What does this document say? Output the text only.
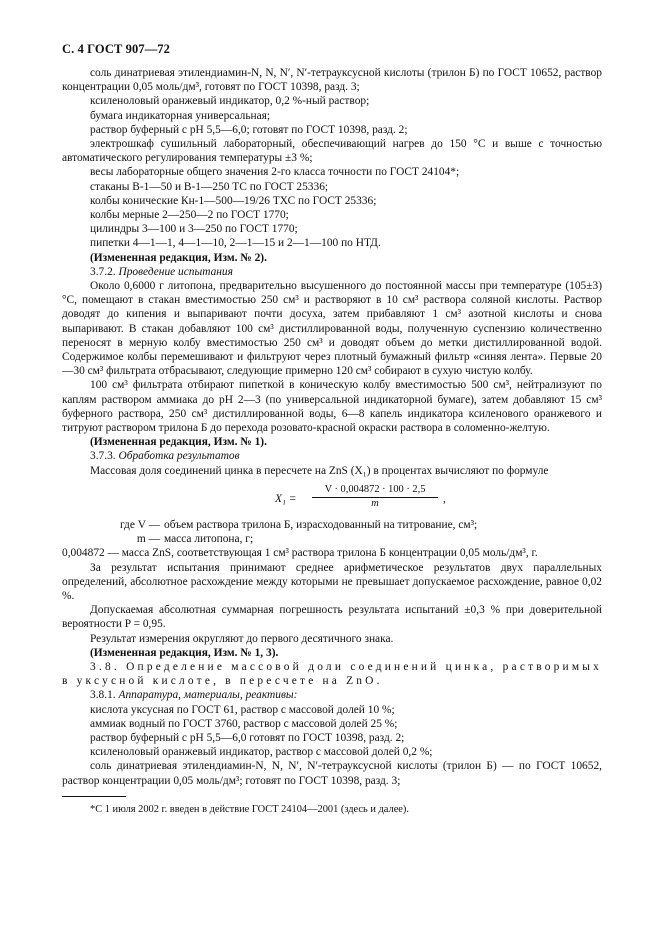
С. 4 ГОСТ 907—72

соль динатриевая этилендиамин-N, N, N′, N′-тетрауксусной кислоты (трилон Б) по ГОСТ 10652, раствор концентрации 0,05 моль/дм³, готовят по ГОСТ 10398, разд. 3;

ксиленоловый оранжевый индикатор, 0,2 %-ный раствор;

бумага индикаторная универсальная;

раствор буферный с рН 5,5—6,0; готовят по ГОСТ 10398, разд. 2;

электрошкаф сушильный лабораторный, обеспечивающий нагрев до 150 °С и выше с точностью автоматического регулирования температуры ±3 %;

весы лабораторные общего значения 2-го класса точности по ГОСТ 24104*;

стаканы В-1—50 и В-1—250 ТС по ГОСТ 25336;

колбы конические Кн-1—500—19/26 ТХС по ГОСТ 25336;

колбы мерные 2—250—2 по ГОСТ 1770;

цилиндры 3—100 и 3—250 по ГОСТ 1770;

пипетки 4—1—1, 4—1—10, 2—1—15 и 2—1—100 по НТД.

(Измененная редакция, Изм. № 2).

3.7.2. Проведение испытания

Около 0,6000 г литопона, предварительно высушенного до постоянной массы при температуре (105±3) °С, помещают в стакан вместимостью 250 см³ и растворяют в 10 см³ раствора соляной кислоты. Раствор доводят до кипения и выпаривают почти досуха, затем прибавляют 1 см³ азотной кислоты и снова выпаривают. В стакан добавляют 100 см³ дистиллированной воды, полученную суспензию количественно переносят в мерную колбу вместимостью 250 см³ и доводят объем до метки дистиллированной водой. Содержимое колбы перемешивают и фильтруют через плотный бумажный фильтр «синяя лента». Первые 20—30 см³ фильтрата отбрасывают, следующие примерно 120 см³ собирают в сухую чистую колбу.

100 см³ фильтрата отбирают пипеткой в коническую колбу вместимостью 500 см³, нейтрализуют по каплям раствором аммиака до рН 2—3 (по универсальной индикаторной бумаге), затем добавляют 15 см³ буферного раствора, 250 см³ дистиллированной воды, 6—8 капель индикатора ксиленового оранжевого и титруют раствором трилона Б до перехода розовато-красной окраски раствора в соломенно-желтую.

(Измененная редакция, Изм. № 1).

3.7.3. Обработка результатов

Массовая доля соединений цинка в пересчете на ZnS (X₁) в процентах вычисляют по формуле

$X_1 = \frac{V \cdot 0,004872 \cdot 100 \cdot 2,5}{m}$ ,
где V — объем раствора трилона Б, израсходованный на титрование, см³;
m — масса литопона, г;

0,004872 — масса ZnS, соответствующая 1 см³ раствора трилона Б концентрации 0,05 моль/дм³, г.

За результат испытания принимают среднее арифметическое результатов двух параллельных определений, абсолютное расхождение между которыми не превышает допускаемое расхождение, равное 0,02 %.

Допускаемая абсолютная суммарная погрешность результата испытаний ±0,3 % при доверительной вероятности P = 0,95.

Результат измерения округляют до первого десятичного знака.

(Измененная редакция, Изм. № 1, 3).

3.8. Определение массовой доли соединений цинка, растворимых в уксусной кислоте, в пересчете на ZnO.

3.8.1. Аппаратура, материалы, реактивы:

кислота уксусная по ГОСТ 61, раствор с массовой долей 10 %;

аммиак водный по ГОСТ 3760, раствор с массовой долей 25 %;

раствор буферный с рН 5,5—6,0 готовят по ГОСТ 10398, разд. 2;

ксиленоловый оранжевый индикатор, раствор с массовой долей 0,2 %;

соль динатриевая этилендиамин-N, N, N′, N′-тетрауксусной кислоты (трилон Б) — по ГОСТ 10652, раствор концентрации 0,05 моль/дм³; готовят по ГОСТ 10398, разд. 3;

*С 1 июля 2002 г. введен в действие ГОСТ 24104—2001 (здесь и далее).
